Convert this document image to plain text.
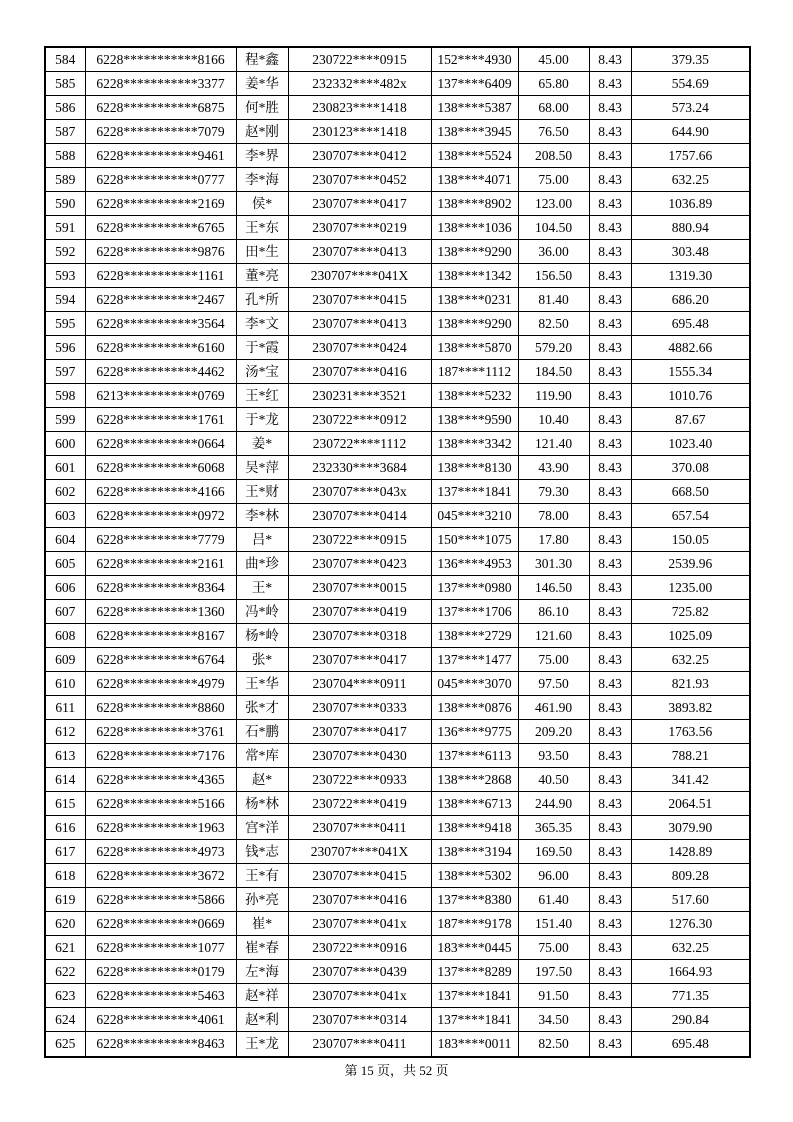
584	6228***********8166	程*鑫	230722****0915	152****4930	45.00	8.43	379.35
585	6228***********3377	姜*华	232332****482x	137****6409	65.80	8.43	554.69
586	6228***********6875	何*胜	230823****1418	138****5387	68.00	8.43	573.24
587	6228***********7079	赵*刚	230123****1418	138****3945	76.50	8.43	644.90
588	6228***********9461	李*界	230707****0412	138****5524	208.50	8.43	1757.66
589	6228***********0777	李*海	230707****0452	138****4071	75.00	8.43	632.25
590	6228***********2169	侯*	230707****0417	138****8902	123.00	8.43	1036.89
591	6228***********6765	王*东	230707****0219	138****1036	104.50	8.43	880.94
592	6228***********9876	田*生	230707****0413	138****9290	36.00	8.43	303.48
593	6228***********1161	董*亮	230707****041X	138****1342	156.50	8.43	1319.30
594	6228***********2467	孔*所	230707****0415	138****0231	81.40	8.43	686.20
595	6228***********3564	李*文	230707****0413	138****9290	82.50	8.43	695.48
596	6228***********6160	于*霞	230707****0424	138****5870	579.20	8.43	4882.66
597	6228***********4462	汤*宝	230707****0416	187****1112	184.50	8.43	1555.34
598	6213***********0769	王*红	230231****3521	138****5232	119.90	8.43	1010.76
599	6228***********1761	于*龙	230722****0912	138****9590	10.40	8.43	87.67
600	6228***********0664	姜*	230722****1112	138****3342	121.40	8.43	1023.40
601	6228***********6068	吴*萍	232330****3684	138****8130	43.90	8.43	370.08
602	6228***********4166	王*财	230707****043x	137****1841	79.30	8.43	668.50
603	6228***********0972	李*林	230707****0414	045****3210	78.00	8.43	657.54
604	6228***********7779	吕*	230722****0915	150****1075	17.80	8.43	150.05
605	6228***********2161	曲*珍	230707****0423	136****4953	301.30	8.43	2539.96
606	6228***********8364	王*	230707****0015	137****0980	146.50	8.43	1235.00
607	6228***********1360	冯*岭	230707****0419	137****1706	86.10	8.43	725.82
608	6228***********8167	杨*岭	230707****0318	138****2729	121.60	8.43	1025.09
609	6228***********6764	张*	230707****0417	137****1477	75.00	8.43	632.25
610	6228***********4979	王*华	230704****0911	045****3070	97.50	8.43	821.93
611	6228***********8860	张*才	230707****0333	138****0876	461.90	8.43	3893.82
612	6228***********3761	石*鹏	230707****0417	136****9775	209.20	8.43	1763.56
613	6228***********7176	常*库	230707****0430	137****6113	93.50	8.43	788.21
614	6228***********4365	赵*	230722****0933	138****2868	40.50	8.43	341.42
615	6228***********5166	杨*林	230722****0419	138****6713	244.90	8.43	2064.51
616	6228***********1963	宫*洋	230707****0411	138****9418	365.35	8.43	3079.90
617	6228***********4973	钱*志	230707****041X	138****3194	169.50	8.43	1428.89
618	6228***********3672	王*有	230707****0415	138****5302	96.00	8.43	809.28
619	6228***********5866	孙*亮	230707****0416	137****8380	61.40	8.43	517.60
620	6228***********0669	崔*	230707****041x	187****9178	151.40	8.43	1276.30
621	6228***********1077	崔*春	230722****0916	183****0445	75.00	8.43	632.25
622	6228***********0179	左*海	230707****0439	137****8289	197.50	8.43	1664.93
623	6228***********5463	赵*祥	230707****041x	137****1841	91.50	8.43	771.35
624	6228***********4061	赵*利	230707****0314	137****1841	34.50	8.43	290.84
625	6228***********8463	王*龙	230707****0411	183****0011	82.50	8.43	695.48
第 15 页，共 52 页
